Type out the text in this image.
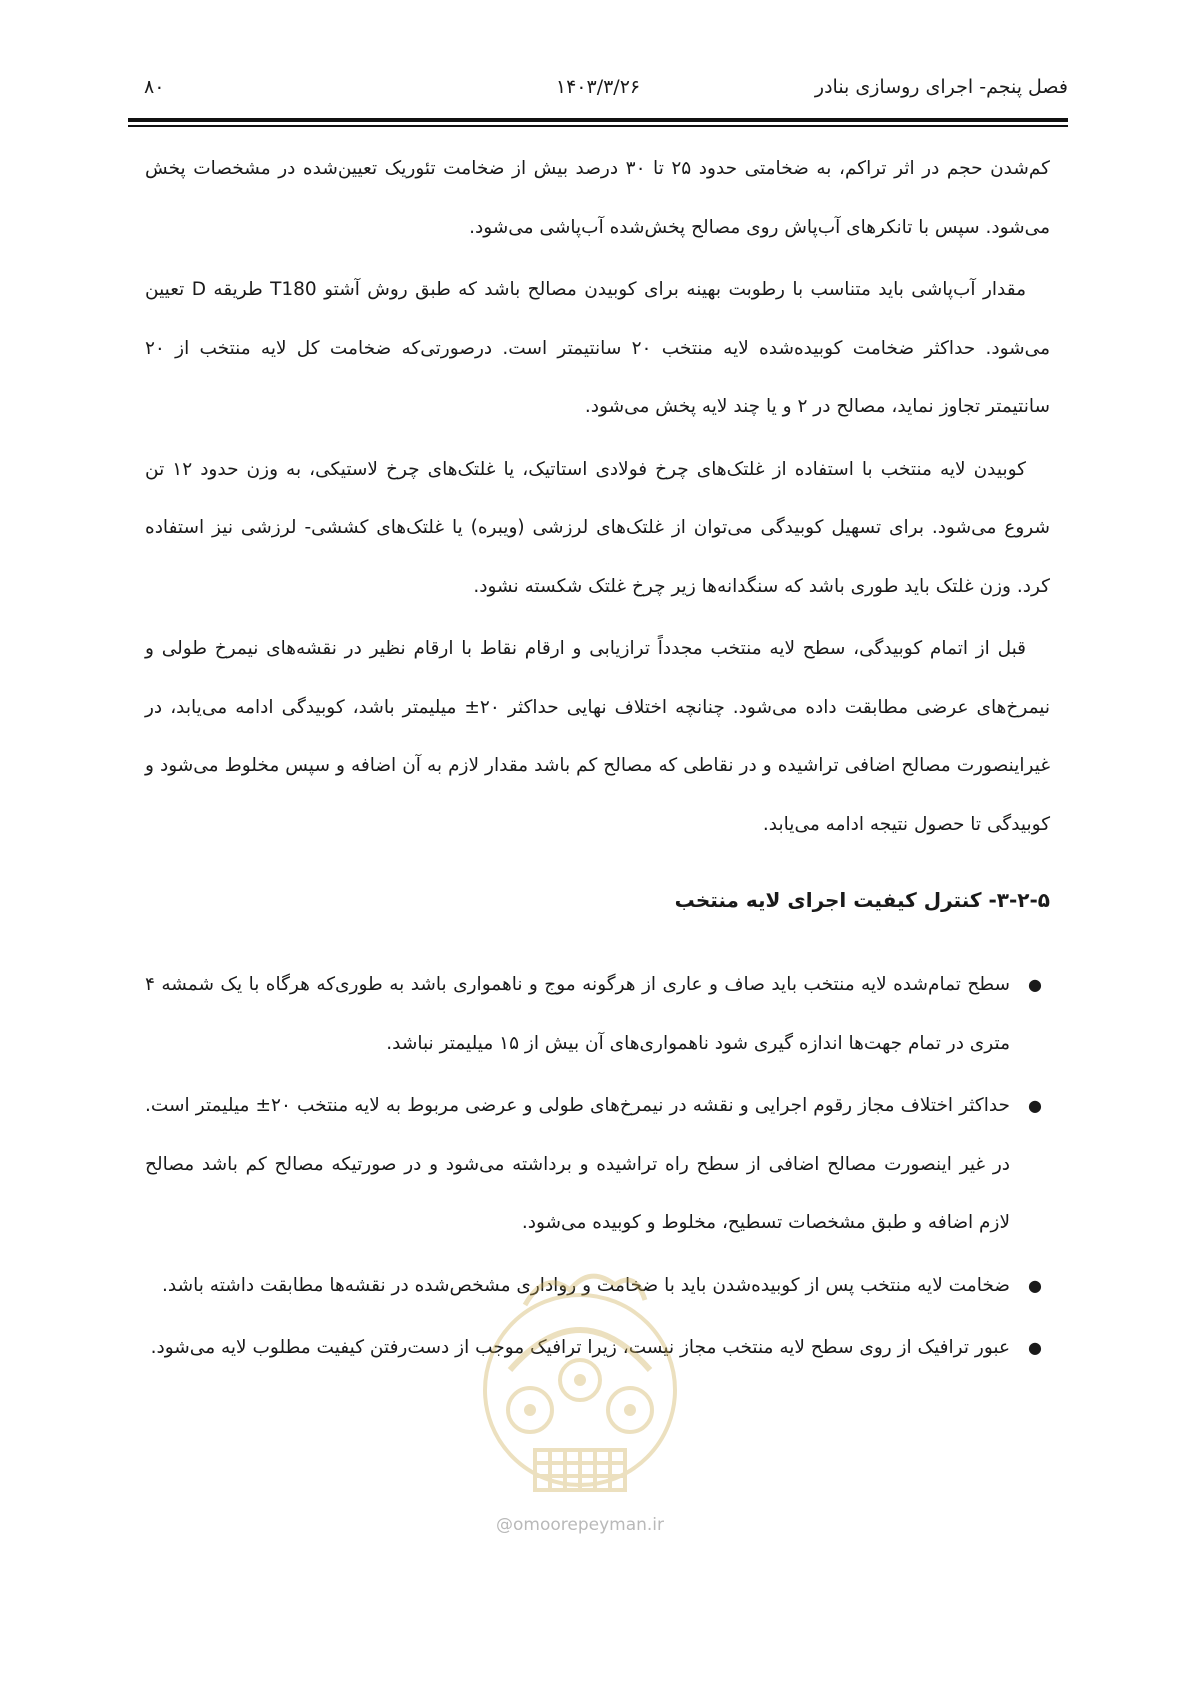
فصل پنجم- اجرای روسازی بنادر
۱۴۰۳/۳/۲۶
۸۰

کم‌شدن حجم در اثر تراکم، به ضخامتی حدود ۲۵ تا ۳۰ درصد بیش از ضخامت تئوریک تعیین‌شده در مشخصات پخش می‌شود. سپس با تانکرهای آب‌پاش روی مصالح پخش‌شده آب‌پاشی می‌شود.

مقدار آب‌پاشی باید متناسب با رطوبت بهینه برای کوبیدن مصالح باشد که طبق روش آشتو T180 طریقه D تعیین می‌شود. حداکثر ضخامت کوبیده‌شده لایه منتخب ۲۰ سانتیمتر است. درصورتی‌که ضخامت کل لایه منتخب از ۲۰ سانتیمتر تجاوز نماید، مصالح در ۲ و یا چند لایه پخش می‌شود.

کوبیدن لایه منتخب با استفاده از غلتک‌های چرخ فولادی استاتیک، یا غلتک‌های چرخ لاستیکی، به وزن حدود ۱۲ تن شروع می‌شود. برای تسهیل کوبیدگی می‌توان از غلتک‌های لرزشی (ویبره) یا غلتک‌های کششی- لرزشی نیز استفاده کرد. وزن غلتک باید طوری باشد که سنگدانه‌ها زیر چرخ غلتک شکسته نشود.

قبل از اتمام کوبیدگی، سطح لایه منتخب مجدداً ترازیابی و ارقام نقاط با ارقام نظیر در نقشه‌های نیمرخ طولی و نیمرخ‌های عرضی مطابقت داده می‌شود. چنانچه اختلاف نهایی حداکثر ۲۰± میلیمتر باشد، کوبیدگی ادامه می‌یابد، در غیراینصورت مصالح اضافی تراشیده و در نقاطی که مصالح کم باشد مقدار لازم به آن اضافه و سپس مخلوط می‌شود و کوبیدگی تا حصول نتیجه ادامه می‌یابد.

۳-۲-۵- کنترل کیفیت اجرای لایه منتخب
●
سطح تمام‌شده لایه منتخب باید صاف و عاری از هرگونه موج و ناهمواری باشد به طوری‌که هرگاه با یک شمشه ۴ متری در تمام جهت‌ها اندازه گیری شود ناهمواری‌های آن بیش از ۱۵ میلیمتر نباشد.
●
حداکثر اختلاف مجاز رقوم اجرایی و نقشه در نیمرخ‌های طولی و عرضی مربوط به لایه منتخب ۲۰± میلیمتر است. در غیر اینصورت مصالح اضافی از سطح راه تراشیده و برداشته می‌شود و در صورتیکه مصالح کم باشد مصالح لازم اضافه و طبق مشخصات تسطیح، مخلوط و کوبیده می‌شود.
●
ضخامت لایه منتخب پس از کوبیده‌شدن باید با ضخامت و رواداری مشخص‌شده در نقشه‌ها مطابقت داشته باشد.
●
عبور ترافیک از روی سطح لایه منتخب مجاز نیست، زیرا ترافیک موجب از دست‌رفتن کیفیت مطلوب لایه می‌شود.
@omoorepeyman.ir
